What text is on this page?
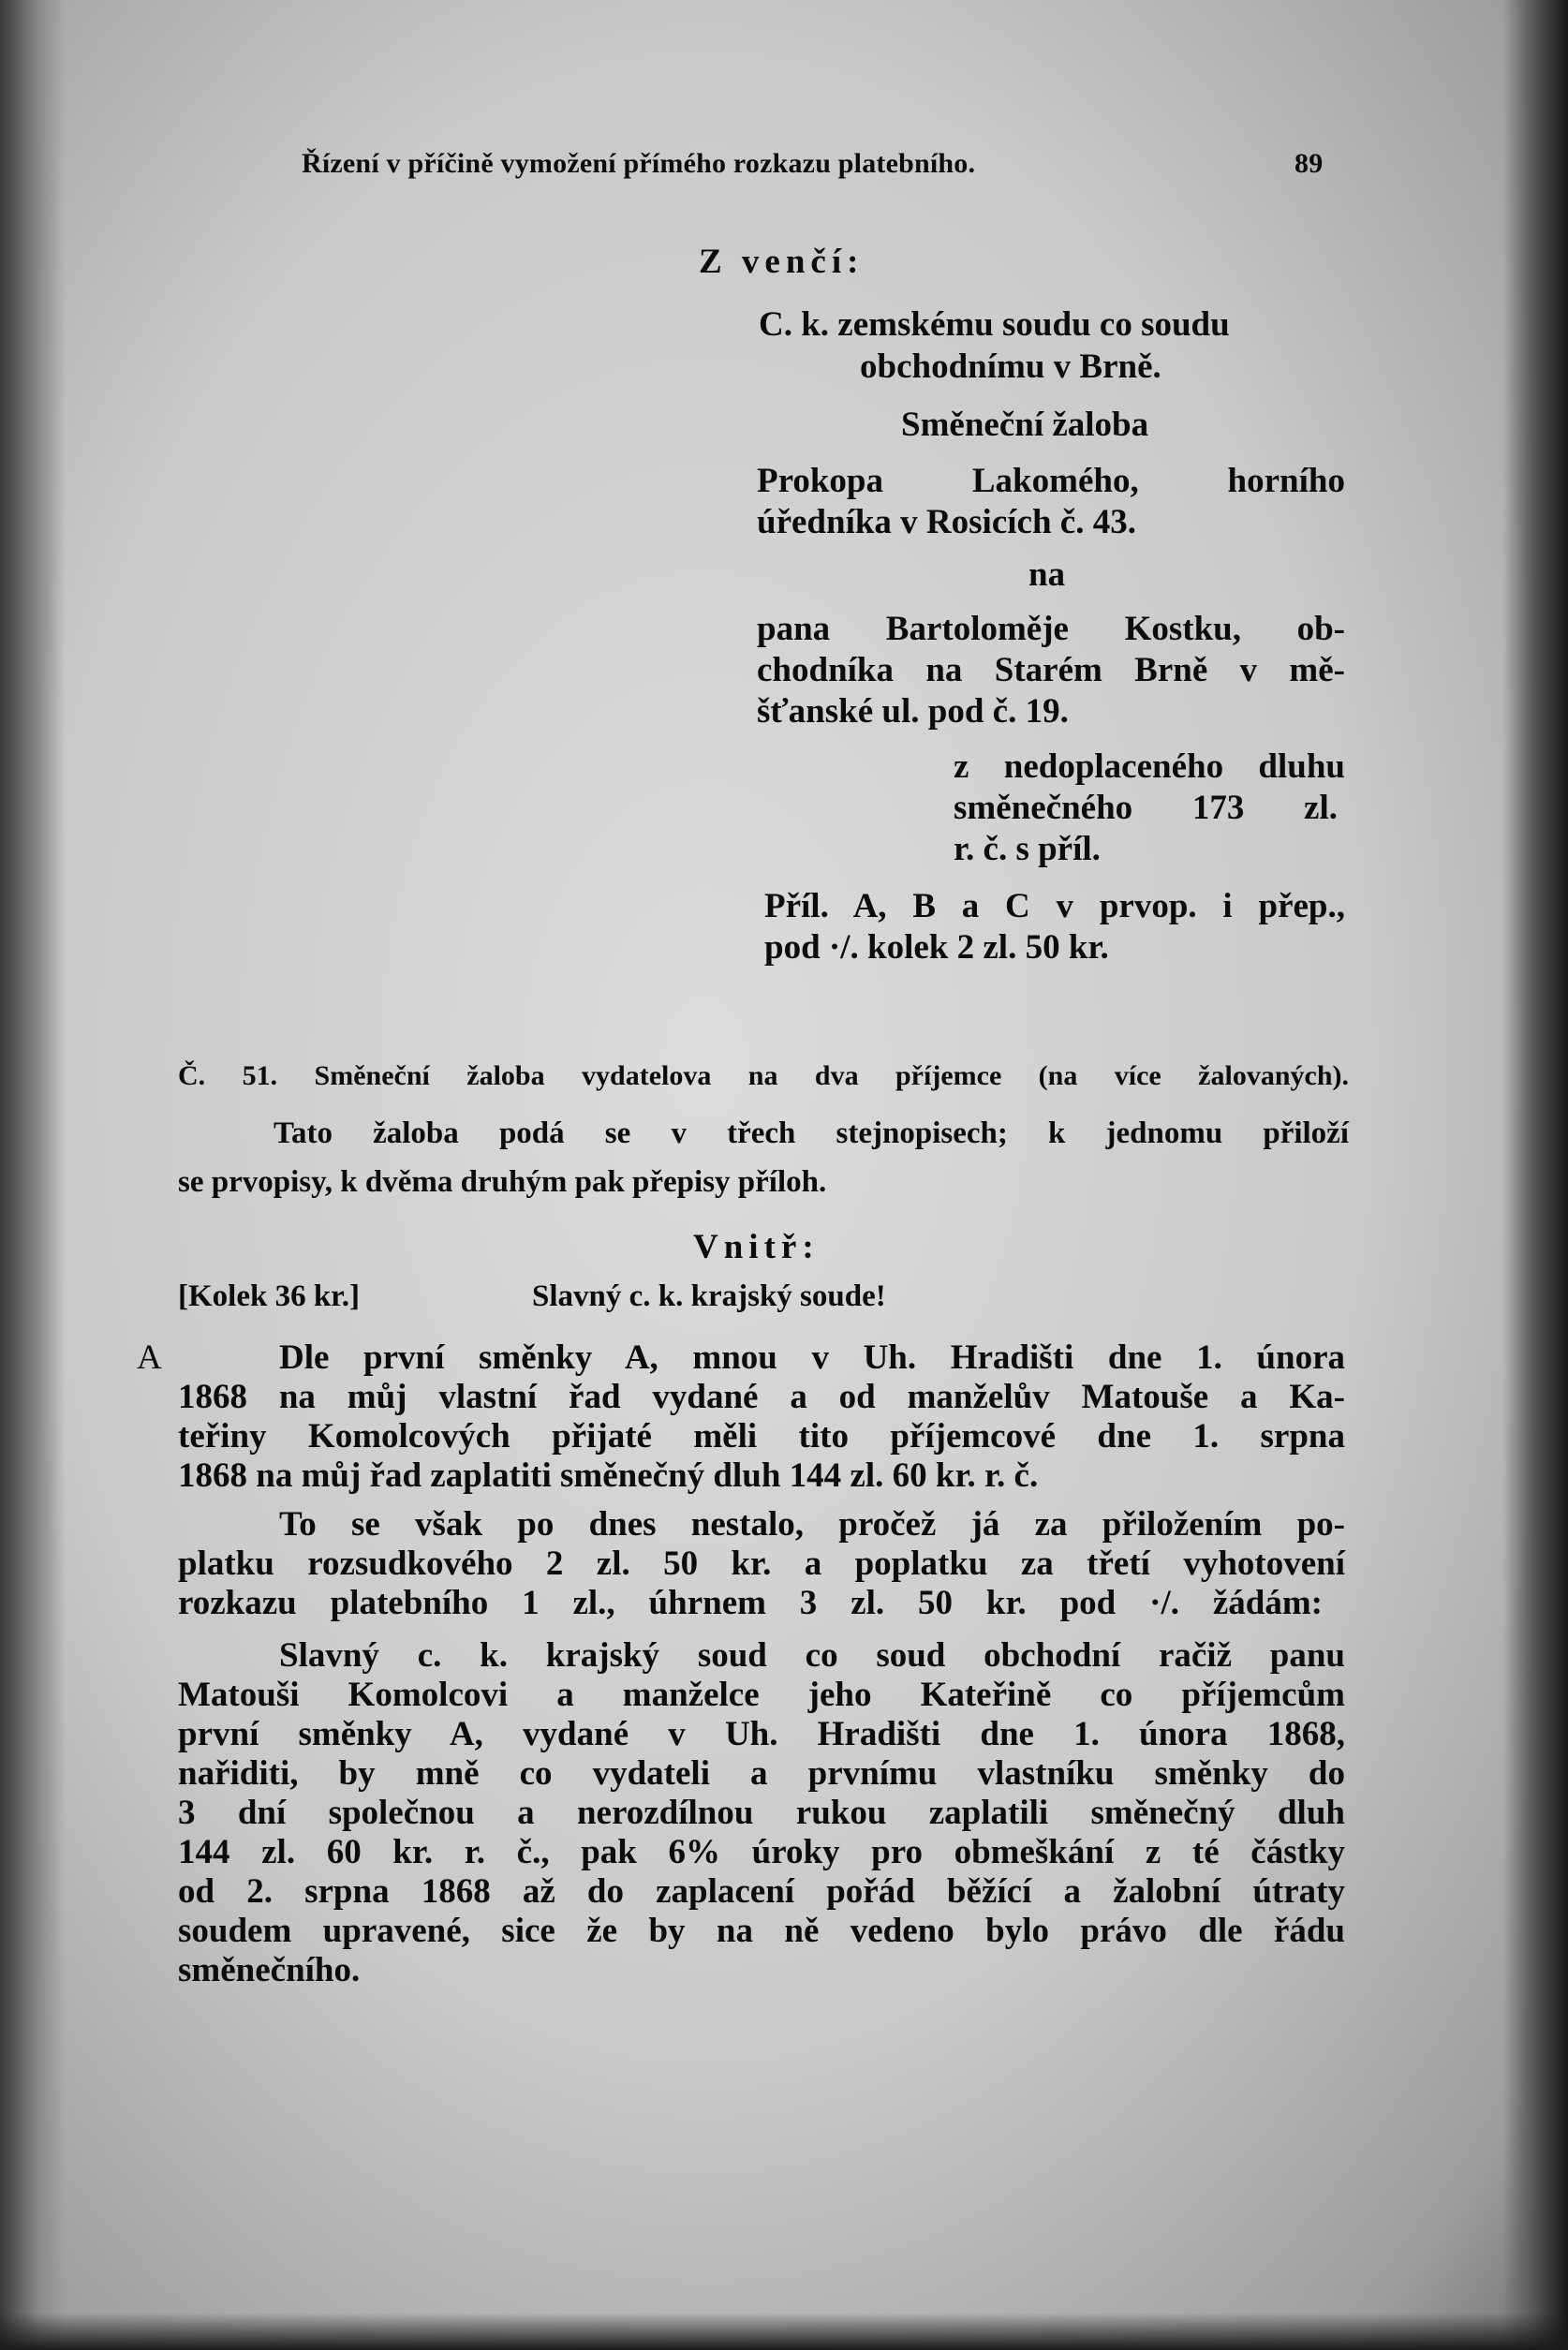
Řízení v příčině vymožení přímého rozkazu platebního.	89
Z venčí:
C. k. zemskému soudu co soudu
obchodnímu v Brně.
Směneční žaloba
Prokopa Lakomého, horního
úředníka v Rosicích č. 43.
na
pana Bartoloměje Kostku, ob-
chodníka na Starém Brně v mě-
šťanské ul. pod č. 19.
z nedoplaceného dluhu
směnečného 173 zl.
r. č. s příl.
Příl. A, B a C v prvop. i přep.,
pod ·/. kolek 2 zl. 50 kr.
Č. 51. Směneční žaloba vydatelova na dva příjemce (na více žalovaných).
Tato žaloba podá se v třech stejnopisech; k jednomu přiloží
se prvopisy, k dvěma druhým pak přepisy příloh.
Vnitř:
[Kolek 36 kr.]	Slavný c. k. krajský soude!
A	Dle první směnky A, mnou v Uh. Hradišti dne 1. února
1868 na můj vlastní řad vydané a od manželův Matouše a Ka-
teřiny Komolcových přijaté měli tito příjemcové dne 1. srpna
1868 na můj řad zaplatiti směnečný dluh 144 zl. 60 kr. r. č.
To se však po dnes nestalo, pročež já za přiložením po-
platku rozsudkového 2 zl. 50 kr. a poplatku za třetí vyhotovení
rozkazu platebního 1 zl., úhrnem 3 zl. 50 kr. pod ·/. žádám:
Slavný c. k. krajský soud co soud obchodní račiž panu
Matouši Komolcovi a manželce jeho Kateřině co příjemcům
první směnky A, vydané v Uh. Hradišti dne 1. února 1868,
nařiditi, by mně co vydateli a prvnímu vlastníku směnky do
3 dní společnou a nerozdílnou rukou zaplatili směnečný dluh
144 zl. 60 kr. r. č., pak 6% úroky pro obmeškání z té částky
od 2. srpna 1868 až do zaplacení pořád běžící a žalobní útraty
soudem upravené, sice že by na ně vedeno bylo právo dle řádu
směnečního.
